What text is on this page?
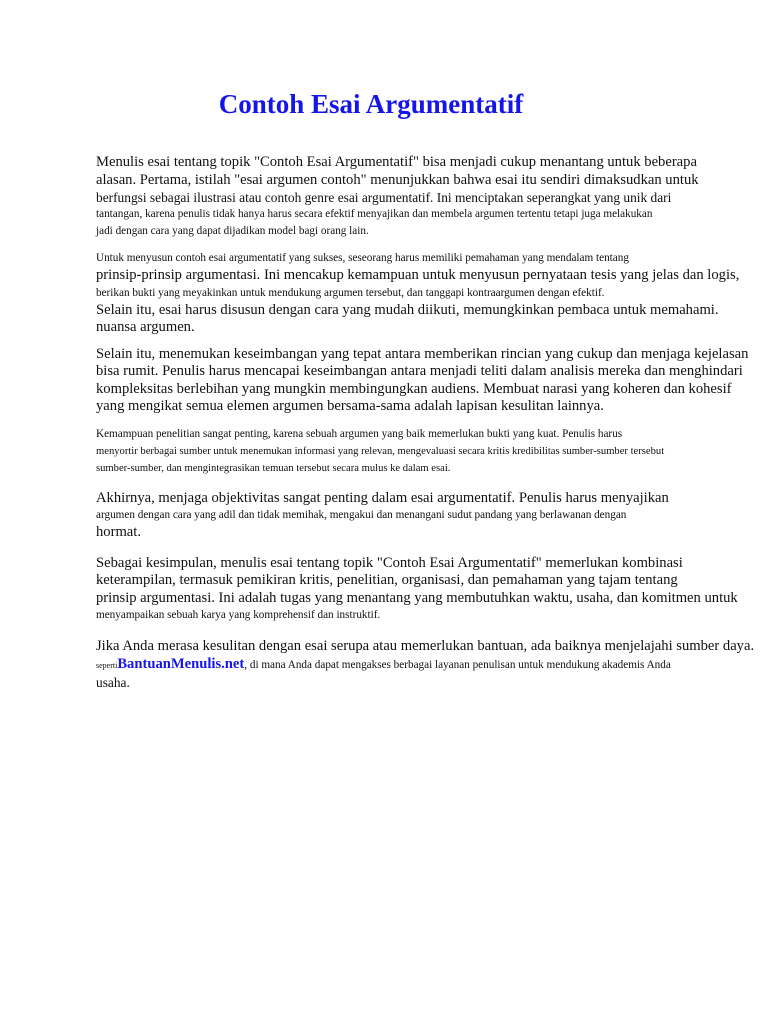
Contoh Esai Argumentatif
Menulis esai tentang topik "Contoh Esai Argumentatif" bisa menjadi cukup menantang untuk beberapa
alasan. Pertama, istilah "esai argumen contoh" menunjukkan bahwa esai itu sendiri dimaksudkan untuk
berfungsi sebagai ilustrasi atau contoh genre esai argumentatif. Ini menciptakan seperangkat yang unik dari
tantangan, karena penulis tidak hanya harus secara efektif menyajikan dan membela argumen tertentu tetapi juga melakukan
jadi dengan cara yang dapat dijadikan model bagi orang lain.
Untuk menyusun contoh esai argumentatif yang sukses, seseorang harus memiliki pemahaman yang mendalam tentang
prinsip-prinsip argumentasi. Ini mencakup kemampuan untuk menyusun pernyataan tesis yang jelas dan logis,
berikan bukti yang meyakinkan untuk mendukung argumen tersebut, dan tanggapi kontraargumen dengan efektif.
Selain itu, esai harus disusun dengan cara yang mudah diikuti, memungkinkan pembaca untuk memahami.
nuansa argumen.
Selain itu, menemukan keseimbangan yang tepat antara memberikan rincian yang cukup dan menjaga kejelasan
bisa rumit. Penulis harus mencapai keseimbangan antara menjadi teliti dalam analisis mereka dan menghindari
kompleksitas berlebihan yang mungkin membingungkan audiens. Membuat narasi yang koheren dan kohesif
yang mengikat semua elemen argumen bersama-sama adalah lapisan kesulitan lainnya.
Kemampuan penelitian sangat penting, karena sebuah argumen yang baik memerlukan bukti yang kuat. Penulis harus
menyortir berbagai sumber untuk menemukan informasi yang relevan, mengevaluasi secara kritis kredibilitas sumber-sumber tersebut
sumber-sumber, dan mengintegrasikan temuan tersebut secara mulus ke dalam esai.
Akhirnya, menjaga objektivitas sangat penting dalam esai argumentatif. Penulis harus menyajikan
argumen dengan cara yang adil dan tidak memihak, mengakui dan menangani sudut pandang yang berlawanan dengan
hormat.
Sebagai kesimpulan, menulis esai tentang topik "Contoh Esai Argumentatif" memerlukan kombinasi
keterampilan, termasuk pemikiran kritis, penelitian, organisasi, dan pemahaman yang tajam tentang
prinsip argumentasi. Ini adalah tugas yang menantang yang membutuhkan waktu, usaha, dan komitmen untuk
menyampaikan sebuah karya yang komprehensif dan instruktif.
Jika Anda merasa kesulitan dengan esai serupa atau memerlukan bantuan, ada baiknya menjelajahi sumber daya.
sepertiBantuanMenulis.net, di mana Anda dapat mengakses berbagai layanan penulisan untuk mendukung akademis Anda
usaha.
